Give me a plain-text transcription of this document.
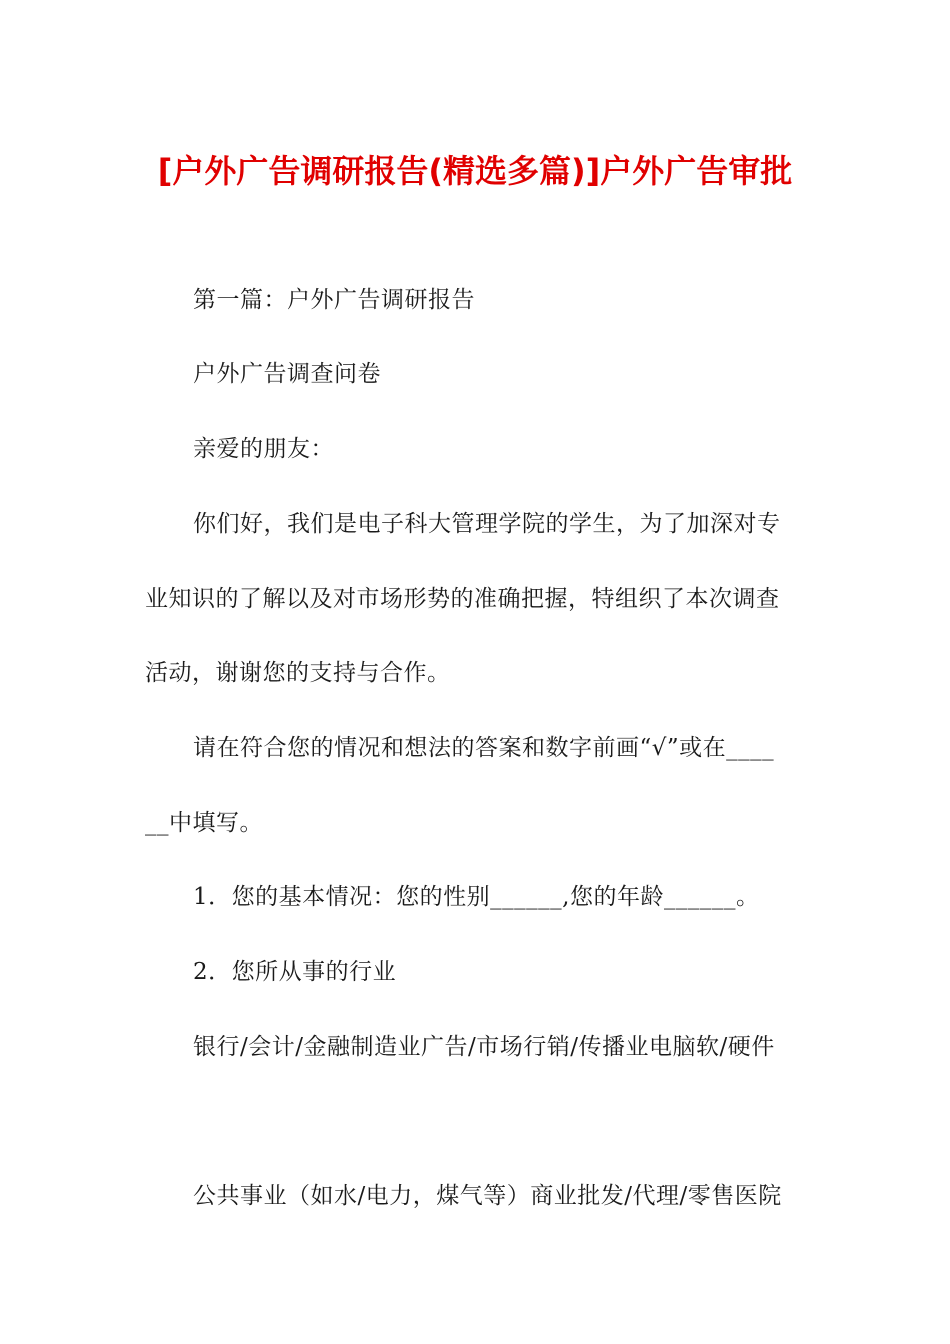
[户外广告调研报告(精选多篇)]户外广告审批
第一篇：户外广告调研报告
户外广告调查问卷
亲爱的朋友：
你们好，我们是电子科大管理学院的学生，为了加深对专
业知识的了解以及对市场形势的准确把握，特组织了本次调查
活动，谢谢您的支持与合作。
请在符合您的情况和想法的答案和数字前画“√”或在____
__中填写。
1．您的基本情况：您的性别______,您的年龄______。
2．您所从事的行业
银行/会计/金融制造业广告/市场行销/传播业电脑软/硬件
公共事业（如水/电力，煤气等）商业批发/代理/零售医院
